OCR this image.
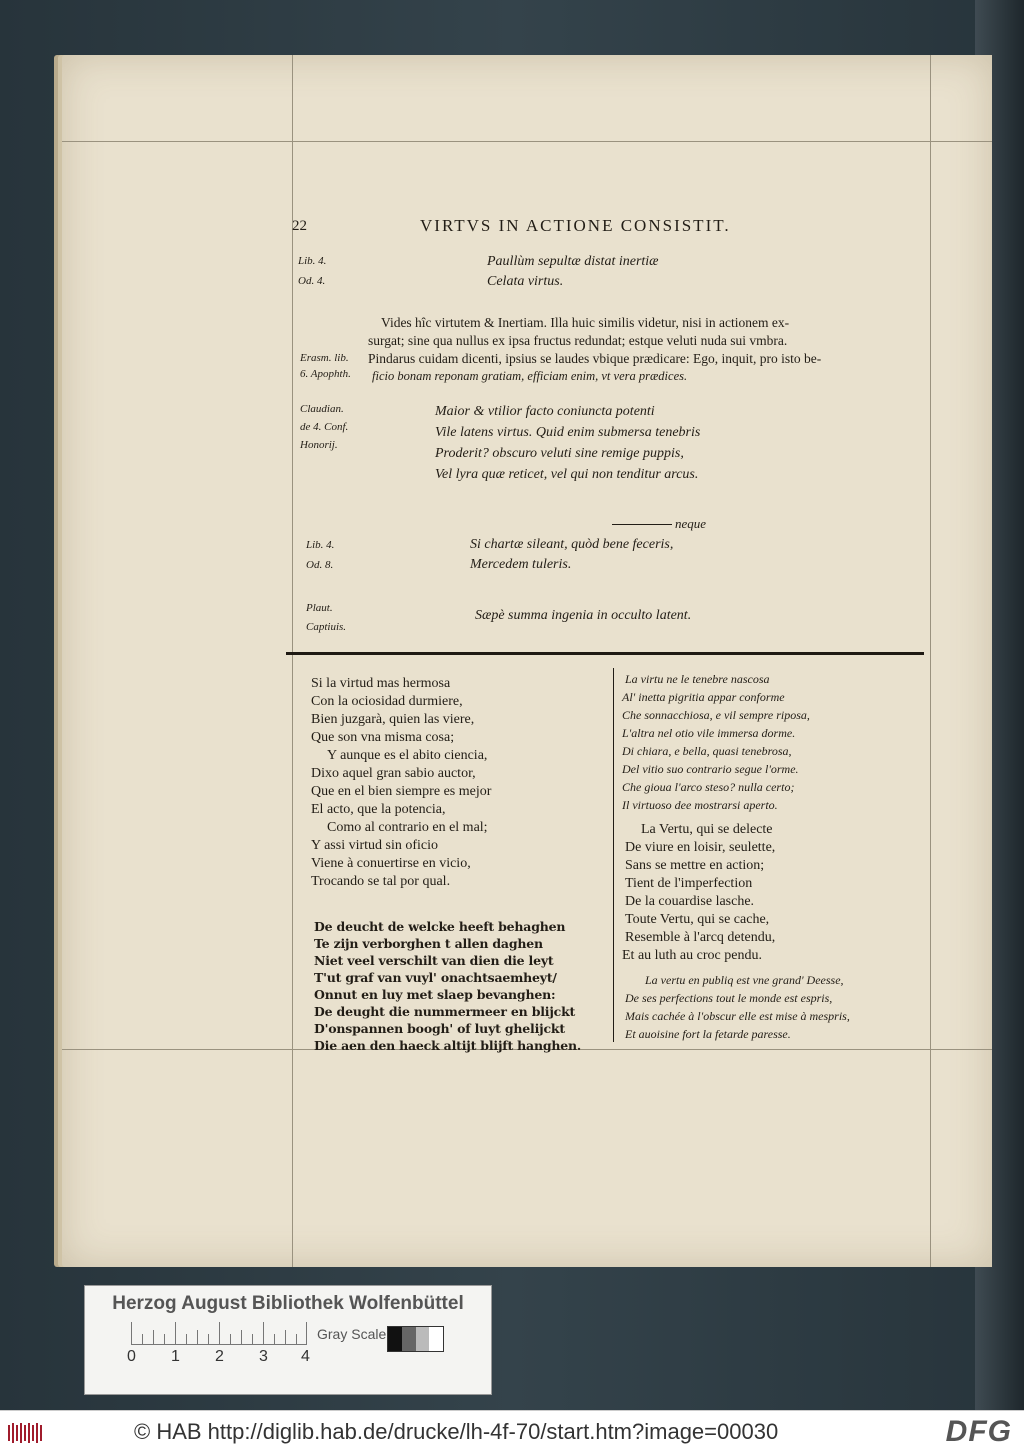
22	VIRTVS IN ACTIONE CONSISTIT.
Lib. 4.
Od. 4.
Paullùm sepultæ distat inertiæ
Celata virtus.
Vides hîc virtutem & Inertiam. Illa huic similis videtur, nisi in actionem ex-
surgat; sine qua nullus ex ipsa fructus redundat; estque veluti nuda sui vmbra.
Pindarus cuidam dicenti, ipsius se laudes vbique prædicare: Ego, inquit, pro isto be-
ficio bonam reponam gratiam, efficiam enim, vt vera prædices.
Erasm. lib.
6. Apophth.
Claudian.
de 4. Conf.
Honorij.
Maior & vtilior facto coniuncta potenti
Vile latens virtus. Quid enim submersa tenebris
Proderit? obscuro veluti sine remige puppis,
Vel lyra quæ reticet, vel qui non tenditur arcus.
neque
Lib. 4.
Od. 8.
Si chartæ sileant, quòd bene feceris,
Mercedem tuleris.
Plaut.
Captiuis.
Sæpè summa ingenia in occulto latent.
Si la virtud mas hermosa
Con la ociosidad durmiere,
Bien juzgarà, quien las viere,
Que son vna misma cosa;
Y aunque es el abito ciencia,
Dixo aquel gran sabio auctor,
Que en el bien siempre es mejor
El acto, que la potencia,
Como al contrario en el mal;
Y assi virtud sin oficio
Viene à conuertirse en vicio,
Trocando se tal por qual.
La virtu ne le tenebre nascosa
Al' inetta pigritia appar conforme
Che sonnacchiosa, e vil sempre riposa,
L'altra nel otio vile immersa dorme.
Di chiara, e bella, quasi tenebrosa,
Del vitio suo contrario segue l'orme.
Che gioua l'arco steso? nulla certo;
Il virtuoso dee mostrarsi aperto.
La Vertu, qui se delecte
De viure en loisir, seulette,
Sans se mettre en action;
Tient de l'imperfection
De la couardise lasche.
Toute Vertu, qui se cache,
Resemble à l'arcq detendu,
Et au luth au croc pendu.
De deucht de welcke heeft behaghen
Te zijn verborghen t allen daghen
Niet veel verschilt van dien die leyt
T'ut graf van vuyl' onachtsaemheyt/
Onnut en luy met slaep bevanghen:
De deught die nummermeer en blijckt
D'onspannen boogh' of luyt ghelijckt
Die aen den haeck altijt blijft hanghen.
La vertu en publiq est vne grand' Deesse,
De ses perfections tout le monde est espris,
Mais cachée à l'obscur elle est mise à mespris,
Et auoisine fort la fetarde paresse.
Herzog August Bibliothek Wolfenbüttel
0 1 2 3 4
Gray Scale
© HAB http://diglib.hab.de/drucke/lh-4f-70/start.htm?image=00030	DFG
